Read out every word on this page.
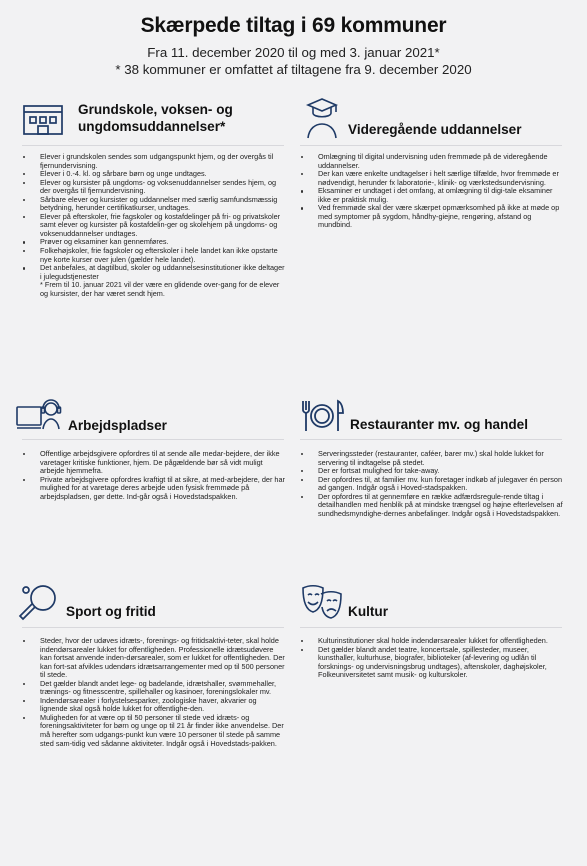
Skærpede tiltag i 69 kommuner
Fra 11. december 2020 til og med 3. januar 2021*
* 38 kommuner er omfattet af tiltagene fra 9. december 2020
Grundskole, voksen- og
ungdomsuddannelser*
Elever i grundskolen sendes som udgangspunkt hjem, og der overgås til fjernundervisning.
Elever i 0.-4. kl. og sårbare børn og unge undtages.
Elever og kursister på ungdoms- og voksenuddannelser sendes hjem, og der overgås til fjernundervisning.
Sårbare elever og kursister og uddannelser med særlig samfundsmæssig betydning, herunder certifikatkurser, undtages.
Elever på efterskoler, frie fagskoler og kostafdelinger på fri- og privatskoler samt elever og kursister på kostafdelin-ger og skolehjem på ungdoms- og voksenuddannelser undtages.
Prøver og eksaminer kan gennemføres.
Folkehøjskoler, frie fagskoler og efterskoler i hele landet kan ikke opstarte nye korte kurser over julen (gælder hele landet).
Det anbefales, at dagtilbud, skoler og uddannelsesinstitutioner ikke deltager i julegudstjenester
* Frem til 10. januar 2021 vil der være en glidende over-gang for de elever og kursister, der har været sendt hjem.
Videregående uddannelser
Omlægning til digital undervisning uden fremmøde på de videregående uddannelser.
Der kan være enkelte undtagelser i helt særlige tilfælde, hvor fremmøde er nødvendigt, herunder fx laboratorie-, klinik- og værkstedsundervisning.
Eksaminer er undtaget i det omfang, at omlægning til digi-tale eksaminer ikke er praktisk mulig.
Ved fremmøde skal der være skærpet opmærksomhed på ikke at møde op med symptomer på sygdom, håndhy-giejne, rengøring, afstand og mundbind.
Arbejdspladser
Offentlige arbejdsgivere opfordres til at sende alle medar-bejdere, der ikke varetager kritiske funktioner, hjem. De pågældende bør så vidt muligt arbejde hjemmefra.
Private arbejdsgivere opfordres kraftigt til at sikre, at med-arbejdere, der har mulighed for at varetage deres arbejde uden fysisk fremmøde på arbejdspladsen, gør dette. Ind-går også i Hovedstadspakken.
Restauranter mv. og handel
Serveringssteder (restauranter, caféer, barer mv.) skal holde lukket for servering til indtagelse på stedet.
Der er fortsat mulighed for take-away.
Der opfordres til, at familier mv. kun foretager indkøb af julegaver én person ad gangen. Indgår også i Hoved-stadspakken.
Der opfordres til at gennemføre en række adfærdsregule-rende tiltag i detailhandlen med henblik på at mindske trængsel og højne efterlevelsen af sundhedsmyndighe-dernes anbefalinger. Indgår også i Hovedstadspakken.
Sport og fritid
Steder, hvor der udøves idræts-, forenings- og fritidsaktivi-teter, skal holde indendørsarealer lukket for offentligheden. Professionelle idrætsudøvere kan fortsat anvende inden-dørsarealer, som er lukket for offentligheden. Der kan fort-sat afvikles udendørs idrætsarrangementer med op til 500 personer til stede.
Det gælder blandt andet lege- og badelande, idrætshaller, svømmehaller, trænings- og fitnesscentre, spillehaller og kasinoer, foreningslokaler mv.
Indendørsarealer i forlystelsesparker, zoologiske haver, akvarier og lignende skal også holde lukket for offentlighe-den.
Muligheden for at være op til 50 personer til stede ved idræts- og foreningsaktiviteter for børn og unge op til 21 år finder ikke anvendelse. Der må herefter som udgangs-punkt kun være 10 personer til stede på samme sted sam-tidig ved sådanne aktiviteter. Indgår også i Hovedstads-pakken.
Kultur
Kulturinstitutioner skal holde indendørsarealer lukket for offentligheden.
Det gælder blandt andet teatre, koncertsale, spillesteder, museer, kunsthaller, kulturhuse, biografer, biblioteker (af-levering og udlån til forsknings- og undervisningsbrug undtages), aftenskoler, daghøjskoler, Folkeuniversitetet samt musik- og kulturskoler.
